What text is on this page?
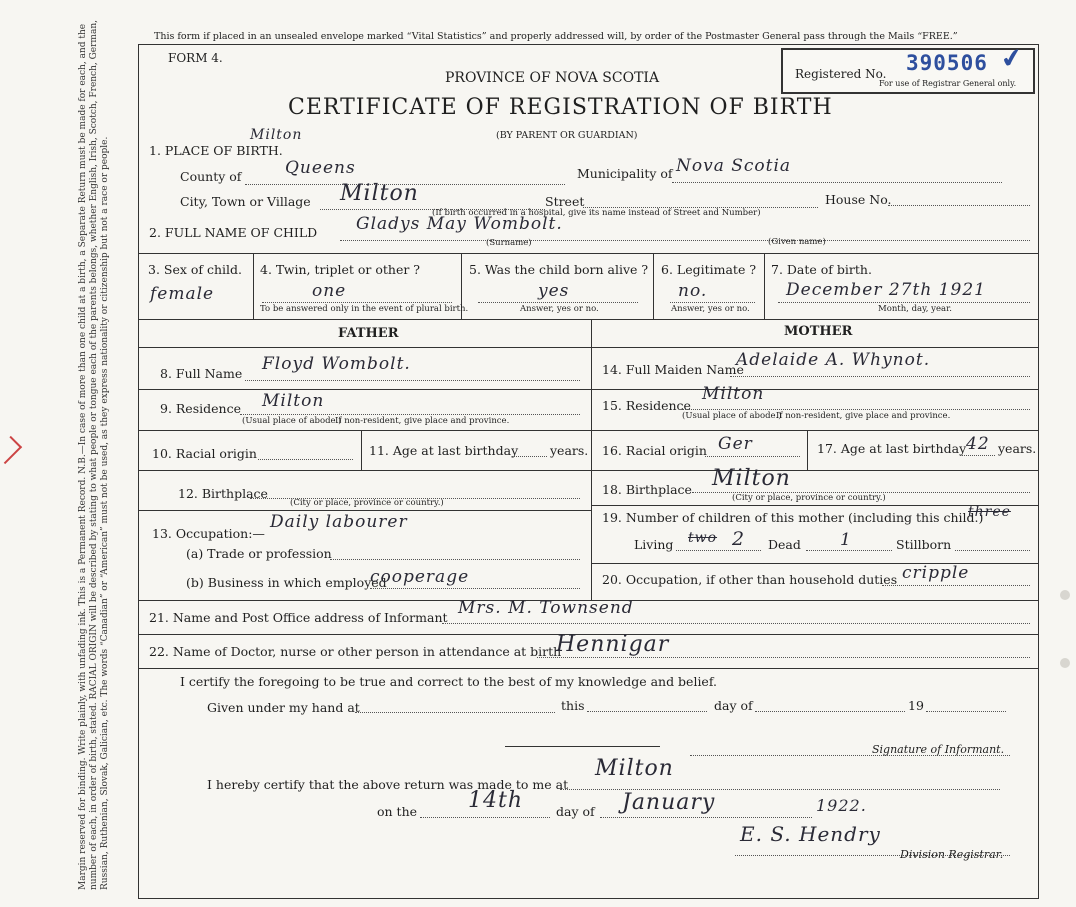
Margin reserved for binding. Write plainly, with unfading ink. This is a Permanent Record. N.B.—In case of more than one child at a birth, a Separate Return must be made for each, and the number of each, in order of birth, stated. RACIAL ORIGIN will be described by stating to what people or tongue each of the parents belongs, whether English, Irish, Scotch, French, German, Russian, Ruthenian, Slovak, Galician, etc. The words “Canadian” or “American” must not be used, as they express nationality or citizenship but not a race or people.
This form if placed in an unsealed envelope marked “Vital Statistics” and properly addressed will, by order of the Postmaster General pass through the Mails “FREE.”
FORM 4.
PROVINCE OF NOVA SCOTIA
CERTIFICATE OF REGISTRATION OF BIRTH
(BY PARENT OR GUARDIAN)
Registered No. 390506 ✔
For use of Registrar General only.
1. PLACE OF BIRTH.
Milton
County of	Queens	Municipality of Nova Scotia
City, Town or Village Milton	Street	House No.
(If birth occurred in a hospital, give its name instead of Street and Number)
2. FULL NAME OF CHILD Gladys May Wombolt.
(Surname)	(Given name)
3. Sex of child.
female
4. Twin, triplet or other ?
one
To be answered only in the event of plural birth.
5. Was the child born alive ?
yes
Answer, yes or no.
6. Legitimate ?
no.
Answer, yes or no.
7. Date of birth.
December 27th 1921
Month, day, year.
FATHER	MOTHER
8. Full Name Floyd Wombolt.
9. Residence Milton
(Usual place of abode.)
If non-resident, give place and province.
10. Racial origin	11. Age at last birthday	years.
12. Birthplace
(City or place, province or country.)
13. Occupation:—
Daily labourer
(a) Trade or profession
(b) Business in which employed
cooperage
14. Full Maiden Name
Adelaide A. Whynot.
15. Residence
Milton
(Usual place of abode.)
If non-resident, give place and province.
16. Racial origin Ger	17. Age at last birthday 42 years.
18. Birthplace Milton
(City or place, province or country.)
19. Number of children of this mother (including this child.)
three
Living two 2 Dead 1	Stillborn
20. Occupation, if other than household duties cripple
21. Name and Post Office address of Informant Mrs. M. Townsend
22. Name of Doctor, nurse or other person in attendance at birth
Hennigar
I certify the foregoing to be true and correct to the best of my knowledge and belief.
Given under my hand at	this	day of	19
Signature of Informant.
I hereby certify that the above return was made to me at
Milton
on the 14th	day of January	1922.
E. S. Hendry
Division Registrar.
